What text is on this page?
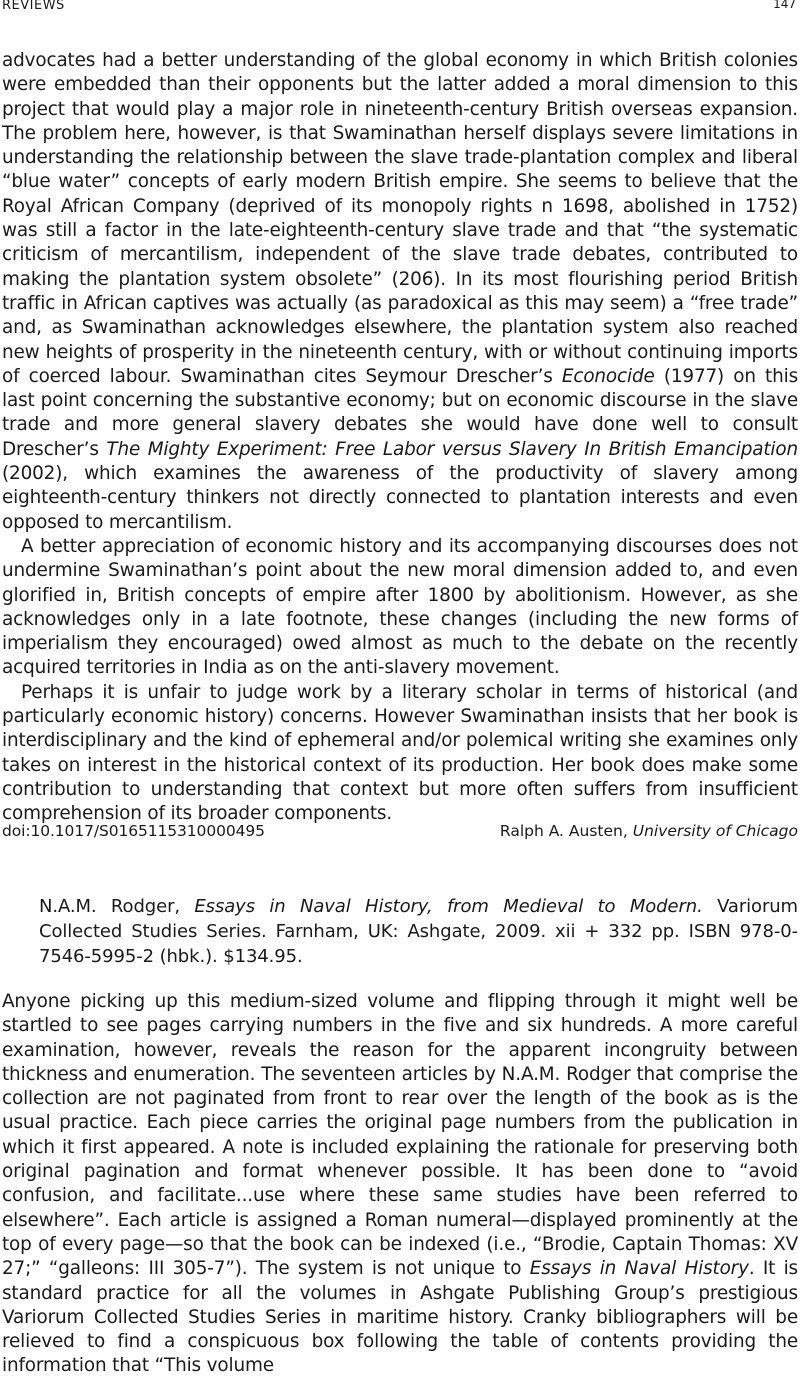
REVIEWS	147

advocates had a better understanding of the global economy in which British colonies were embedded than their opponents but the latter added a moral dimension to this project that would play a major role in nineteenth-century British overseas expansion. The problem here, however, is that Swaminathan herself displays severe limitations in understanding the relationship between the slave trade-plantation complex and liberal “blue water” concepts of early modern British empire. She seems to believe that the Royal African Company (deprived of its monopoly rights n 1698, abolished in 1752) was still a factor in the late-eighteenth-century slave trade and that “the systematic criticism of mercantilism, independent of the slave trade debates, contributed to making the plantation system obsolete” (206). In its most flourishing period British traffic in African captives was actually (as paradoxical as this may seem) a “free trade” and, as Swaminathan acknowledges elsewhere, the plantation system also reached new heights of prosperity in the nineteenth century, with or without continuing imports of coerced labour. Swaminathan cites Seymour Drescher’s Econocide (1977) on this last point concerning the substantive economy; but on economic discourse in the slave trade and more general slavery debates she would have done well to consult Drescher’s The Mighty Experiment: Free Labor versus Slavery In British Emancipation (2002), which examines the awareness of the productivity of slavery among eighteenth-century thinkers not directly connected to plantation interests and even opposed to mercantilism.

A better appreciation of economic history and its accompanying discourses does not undermine Swaminathan’s point about the new moral dimension added to, and even glorified in, British concepts of empire after 1800 by abolitionism. However, as she acknowledges only in a late footnote, these changes (including the new forms of imperialism they encouraged) owed almost as much to the debate on the recently acquired territories in India as on the anti-slavery movement.

Perhaps it is unfair to judge work by a literary scholar in terms of historical (and particularly economic history) concerns. However Swaminathan insists that her book is interdisciplinary and the kind of ephemeral and/or polemical writing she examines only takes on interest in the historical context of its production. Her book does make some contribution to understanding that context but more often suffers from insufficient comprehension of its broader components.

doi:10.1017/S0165115310000495	Ralph A. Austen, University of Chicago

N.A.M. Rodger, Essays in Naval History, from Medieval to Modern. Variorum Collected Studies Series. Farnham, UK: Ashgate, 2009. xii + 332 pp. ISBN 978-0-7546-5995-2 (hbk.). $134.95.

Anyone picking up this medium-sized volume and flipping through it might well be startled to see pages carrying numbers in the five and six hundreds. A more careful examination, however, reveals the reason for the apparent incongruity between thickness and enumeration. The seventeen articles by N.A.M. Rodger that comprise the collection are not paginated from front to rear over the length of the book as is the usual practice. Each piece carries the original page numbers from the publication in which it first appeared. A note is included explaining the rationale for preserving both original pagination and format whenever possible. It has been done to “avoid confusion, and facilitate...use where these same studies have been referred to elsewhere”. Each article is assigned a Roman numeral—displayed prominently at the top of every page—so that the book can be indexed (i.e., “Brodie, Captain Thomas: XV 27;” “galleons: III 305-7”). The system is not unique to Essays in Naval History. It is standard practice for all the volumes in Ashgate Publishing Group’s prestigious Variorum Collected Studies Series in maritime history. Cranky bibliographers will be relieved to find a conspicuous box following the table of contents providing the information that “This volume
